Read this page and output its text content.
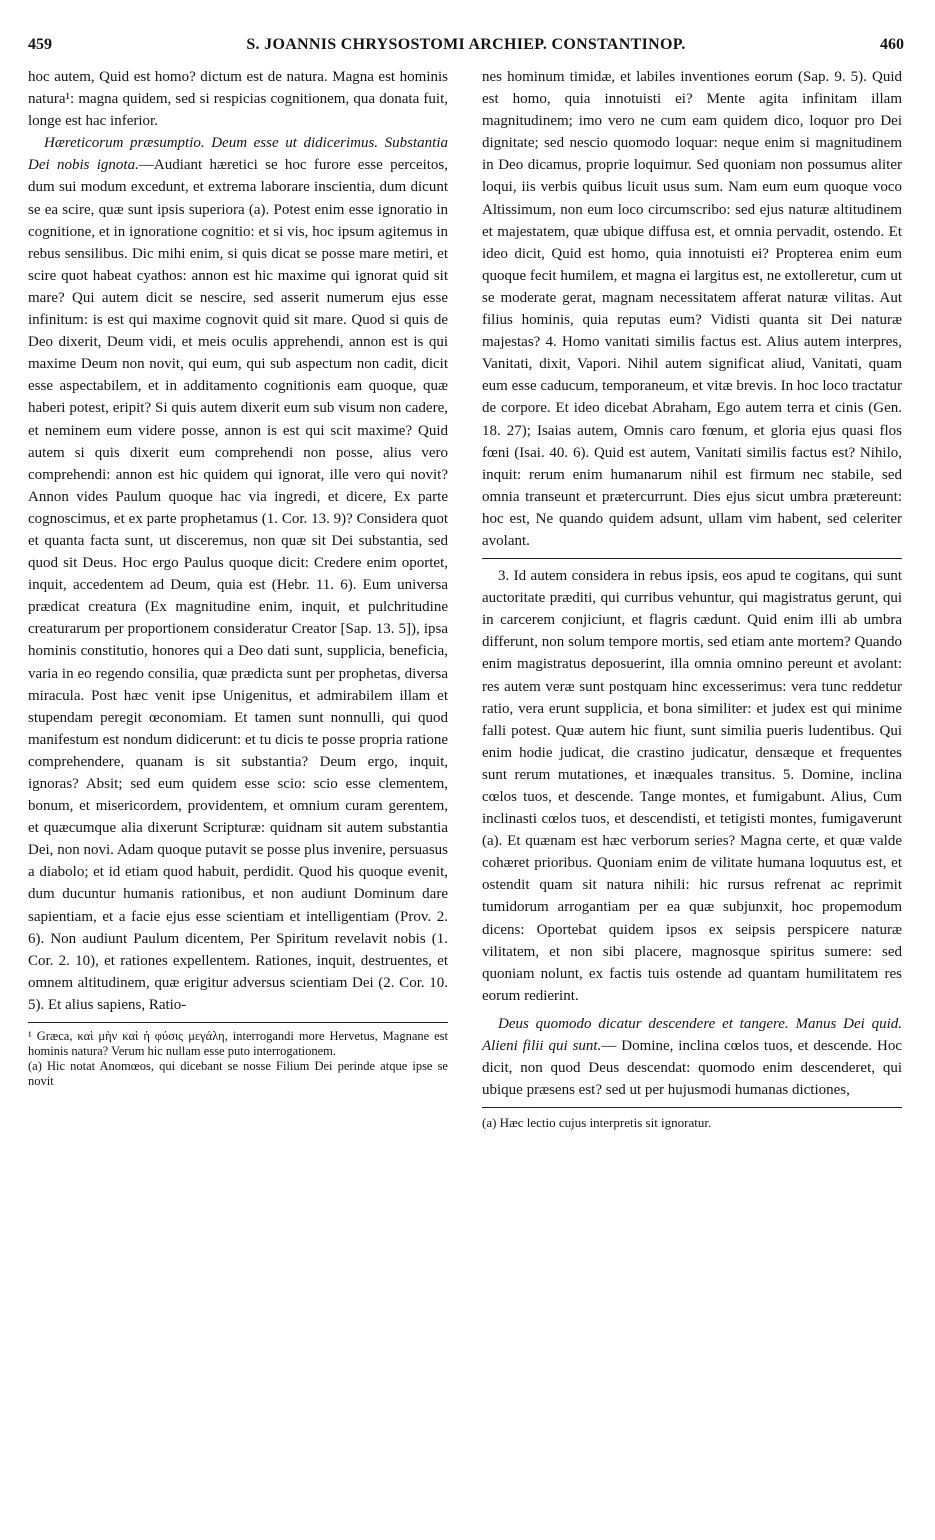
459	S. JOANNIS CHRYSOSTOMI ARCHIEP. CONSTANTINOP.	460

hoc autem, Quid est homo? dictum est de natura. Magna est hominis natura¹: magna quidem, sed si respicias cognitionem, qua donata fuit, longe est hac inferior.

Hæreticorum præsumptio. Deum esse ut didicerimus. Substantia Dei nobis ignota.—Audiant hæretici se hoc furore esse perceitos, dum sui modum excedunt, et extrema laborare inscientia, dum dicunt se ea scire, quæ sunt ipsis superiora (a). Potest enim esse ignoratio in cognitione, et in ignoratione cognitio: et si vis, hoc ipsum agitemus in rebus sensilibus. Dic mihi enim, si quis dicat se posse mare metiri, et scire quot habeat cyathos: annon est hic maxime qui ignorat quid sit mare? Qui autem dicit se nescire, sed asserit numerum ejus esse infinitum: is est qui maxime cognovit quid sit mare. Quod si quis de Deo dixerit, Deum vidi, et meis oculis apprehendi, annon est is qui maxime Deum non novit, qui eum, qui sub aspectum non cadit, dicit esse aspectabilem, et in additamento cognitionis eam quoque, quæ haberi potest, eripit? Si quis autem dixerit eum sub visum non cadere, et neminem eum videre posse, annon is est qui scit maxime? Quid autem si quis dixerit eum comprehendi non posse, alius vero comprehendi: annon est hic quidem qui ignorat, ille vero qui novit? Annon vides Paulum quoque hac via ingredi, et dicere, Ex parte cognoscimus, et ex parte prophetamus (1. Cor. 13. 9)? Considera quot et quanta facta sunt, ut disceremus, non quæ sit Dei substantia, sed quod sit Deus. Hoc ergo Paulus quoque dicit: Credere enim oportet, inquit, accedentem ad Deum, quia est (Hebr. 11. 6). Eum universa prædicat creatura (Ex magnitudine enim, inquit, et pulchritudine creaturarum per proportionem consideratur Creator [Sap. 13. 5]), ipsa hominis constitutio, honores qui a Deo dati sunt, supplicia, beneficia, varia in eo regendo consilia, quæ prædicta sunt per prophetas, diversa miracula. Post hæc venit ipse Unigenitus, et admirabilem illam et stupendam peregit œconomiam. Et tamen sunt nonnulli, qui quod manifestum est nondum didicerunt: et tu dicis te posse propria ratione comprehendere, quanam is sit substantia? Deum ergo, inquit, ignoras? Absit; sed eum quidem esse scio: scio esse clementem, bonum, et misericordem, providentem, et omnium curam gerentem, et quæcumque alia dixerunt Scripturæ: quidnam sit autem substantia Dei, non novi. Adam quoque putavit se posse plus invenire, persuasus a diabolo; et id etiam quod habuit, perdidit. Quod his quoque evenit, dum ducuntur humanis rationibus, et non audiunt Dominum dare sapientiam, et a facie ejus esse scientiam et intelligentiam (Prov. 2. 6). Non audiunt Paulum dicentem, Per Spiritum revelavit nobis (1. Cor. 2. 10), et rationes expellentem. Rationes, inquit, destruentes, et omnem altitudinem, quæ erigitur adversus scientiam Dei (2. Cor. 10. 5). Et alius sapiens, Ratio-

¹ Græca, καὶ μὴν καὶ ἡ φύσις μεγάλη, interrogandi more Hervetus, Magnane est hominis natura? Verum hic nullam esse puto interrogationem.

(a) Hic notat Anomœos, qui dicebant se nosse Filium Dei perinde atque ipse se novit

nes hominum timidæ, et labiles inventiones eorum (Sap. 9. 5). Quid est homo, quia innotuisti ei? Mente agita infinitam illam magnitudinem; imo vero ne cum eam quidem dico, loquor pro Dei dignitate; sed nescio quomodo loquar: neque enim si magnitudinem in Deo dicamus, proprie loquimur. Sed quoniam non possumus aliter loqui, iis verbis quibus licuit usus sum. Nam eum eum quoque voco Altissimum, non eum loco circumscribo: sed ejus naturæ altitudinem et majestatem, quæ ubique diffusa est, et omnia pervadit, ostendo. Et ideo dicit, Quid est homo, quia innotuisti ei? Propterea enim eum quoque fecit humilem, et magna ei largitus est, ne extolleretur, cum ut se moderate gerat, magnam necessitatem afferat naturæ vilitas. Aut filius hominis, quia reputas eum? Vidisti quanta sit Dei naturæ majestas? 4. Homo vanitati similis factus est. Alius autem interpres, Vanitati, dixit, Vapori. Nihil autem significat aliud, Vanitati, quam eum esse caducum, temporaneum, et vitæ brevis. In hoc loco tractatur de corpore. Et ideo dicebat Abraham, Ego autem terra et cinis (Gen. 18. 27); Isaias autem, Omnis caro fœnum, et gloria ejus quasi flos fœni (Isai. 40. 6). Quid est autem, Vanitati similis factus est? Nihilo, inquit: rerum enim humanarum nihil est firmum nec stabile, sed omnia transeunt et prætercurrunt. Dies ejus sicut umbra prætereunt: hoc est, Ne quando quidem adsunt, ullam vim habent, sed celeriter avolant.

3. Id autem considera in rebus ipsis, eos apud te cogitans, qui sunt auctoritate præditi, qui curribus vehuntur, qui magistratus gerunt, qui in carcerem conjiciunt, et flagris cædunt. Quid enim illi ab umbra differunt, non solum tempore mortis, sed etiam ante mortem? Quando enim magistratus deposuerint, illa omnia omnino pereunt et avolant: res autem veræ sunt postquam hinc excesserimus: vera tunc reddetur ratio, vera erunt supplicia, et bona similiter: et judex est qui minime falli potest. Quæ autem hic fiunt, sunt similia pueris ludentibus. Qui enim hodie judicat, die crastino judicatur, densæque et frequentes sunt rerum mutationes, et inæquales transitus. 5. Domine, inclina cœlos tuos, et descende. Tange montes, et fumigabunt. Alius, Cum inclinasti cœlos tuos, et descendisti, et tetigisti montes, fumigaverunt (a). Et quænam est hæc verborum series? Magna certe, et quæ valde cohæret prioribus. Quoniam enim de vilitate humana loquutus est, et ostendit quam sit natura nihili: hic rursus refrenat ac reprimit tumidorum arrogantiam per ea quæ subjunxit, hoc propemodum dicens: Oportebat quidem ipsos ex seipsis perspicere naturæ vilitatem, et non sibi placere, magnosque spiritus sumere: sed quoniam nolunt, ex factis tuis ostende ad quantam humilitatem res eorum redierint.

Deus quomodo dicatur descendere et tangere. Manus Dei quid. Alieni filii qui sunt.— Domine, inclina cœlos tuos, et descende. Hoc dicit, non quod Deus descendat: quomodo enim descenderet, qui ubique præsens est? sed ut per hujusmodi humanas dictiones,

(a) Hæc lectio cujus interpretis sit ignoratur.
